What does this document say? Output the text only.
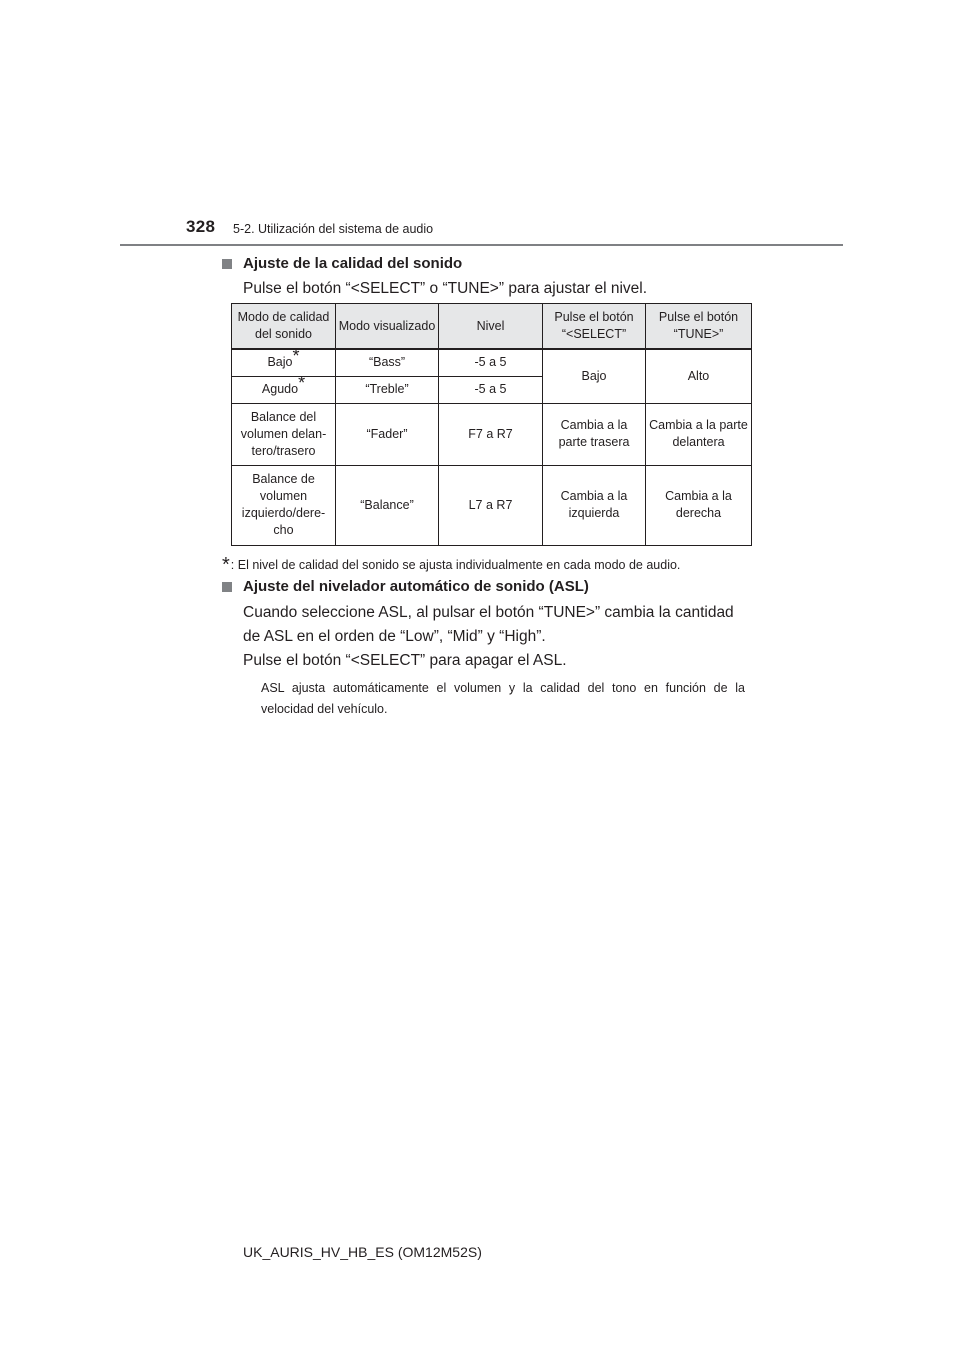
328 5-2. Utilización del sistema de audio
Ajuste de la calidad del sonido
Pulse el botón “<SELECT” o “TUNE>” para ajustar el nivel.
Modo de calidad del sonido	Modo visualizado	Nivel	Pulse el botón “<SELECT”	Pulse el botón “TUNE>”
Bajo*	“Bass”	-5 a 5	Bajo	Alto
Agudo*	“Treble”	-5 a 5		
Balance del volumen delantero/trasero	“Fader”	F7 a R7	Cambia a la parte trasera	Cambia a la parte delantera
Balance de volumen izquierdo/derecho	“Balance”	L7 a R7	Cambia a la izquierda	Cambia a la derecha
*: El nivel de calidad del sonido se ajusta individualmente en cada modo de audio.
Ajuste del nivelador automático de sonido (ASL)
Cuando seleccione ASL, al pulsar el botón “TUNE>” cambia la cantidad de ASL en el orden de “Low”, “Mid” y “High”.
Pulse el botón “<SELECT” para apagar el ASL.
ASL ajusta automáticamente el volumen y la calidad del tono en función de la velocidad del vehículo.
UK_AURIS_HV_HB_ES (OM12M52S)
